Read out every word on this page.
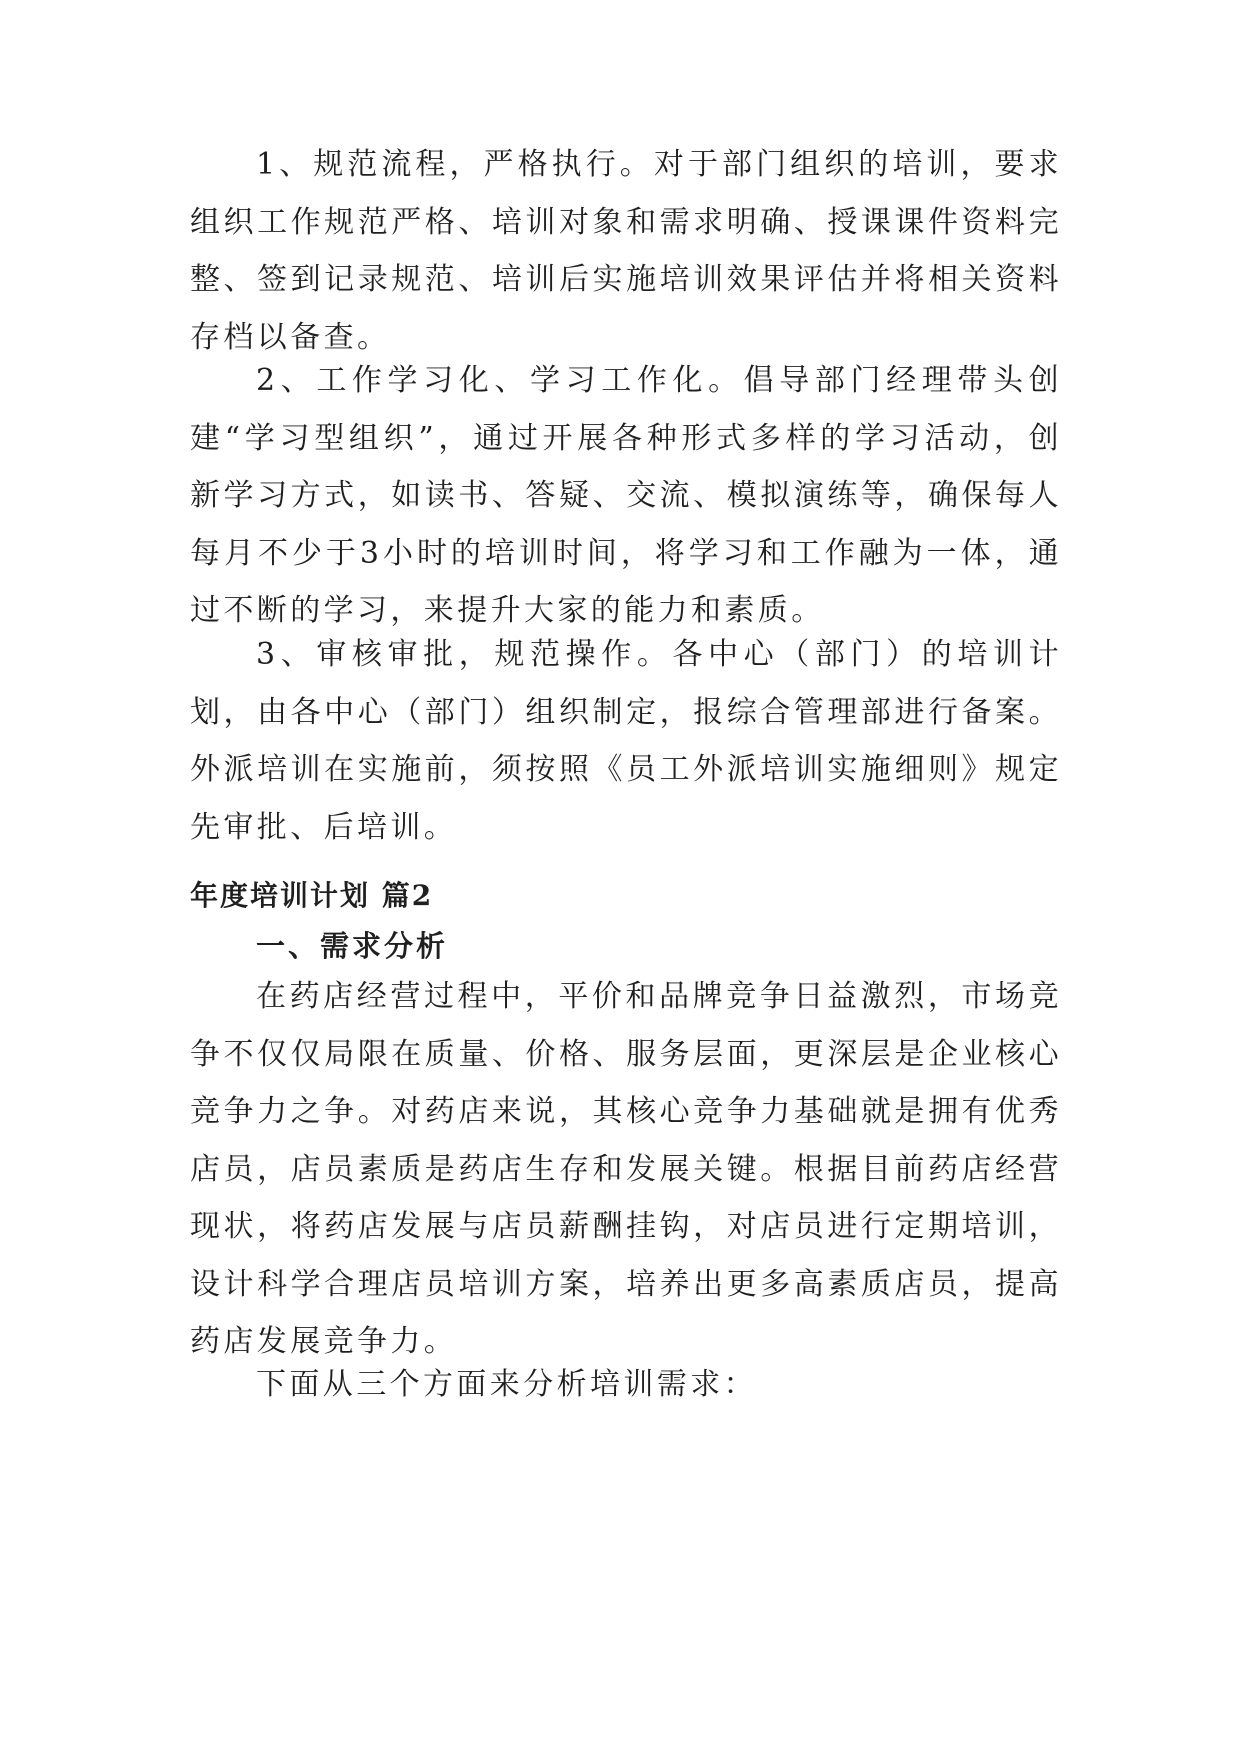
1、规范流程，严格执行。对于部门组织的培训，要求组织工作规范严格、培训对象和需求明确、授课课件资料完整、签到记录规范、培训后实施培训效果评估并将相关资料存档以备查。

2、工作学习化、学习工作化。倡导部门经理带头创建“学习型组织”，通过开展各种形式多样的学习活动，创新学习方式，如读书、答疑、交流、模拟演练等，确保每人每月不少于3小时的培训时间，将学习和工作融为一体，通过不断的学习，来提升大家的能力和素质。

3、审核审批，规范操作。各中心（部门）的培训计划，由各中心（部门）组织制定，报综合管理部进行备案。外派培训在实施前，须按照《员工外派培训实施细则》规定先审批、后培训。

年度培训计划 篇2
一、需求分析

在药店经营过程中，平价和品牌竞争日益激烈，市场竞争不仅仅局限在质量、价格、服务层面，更深层是企业核心竞争力之争。对药店来说，其核心竞争力基础就是拥有优秀店员，店员素质是药店生存和发展关键。根据目前药店经营现状，将药店发展与店员薪酬挂钩，对店员进行定期培训，设计科学合理店员培训方案，培养出更多高素质店员，提高药店发展竞争力。

下面从三个方面来分析培训需求：
